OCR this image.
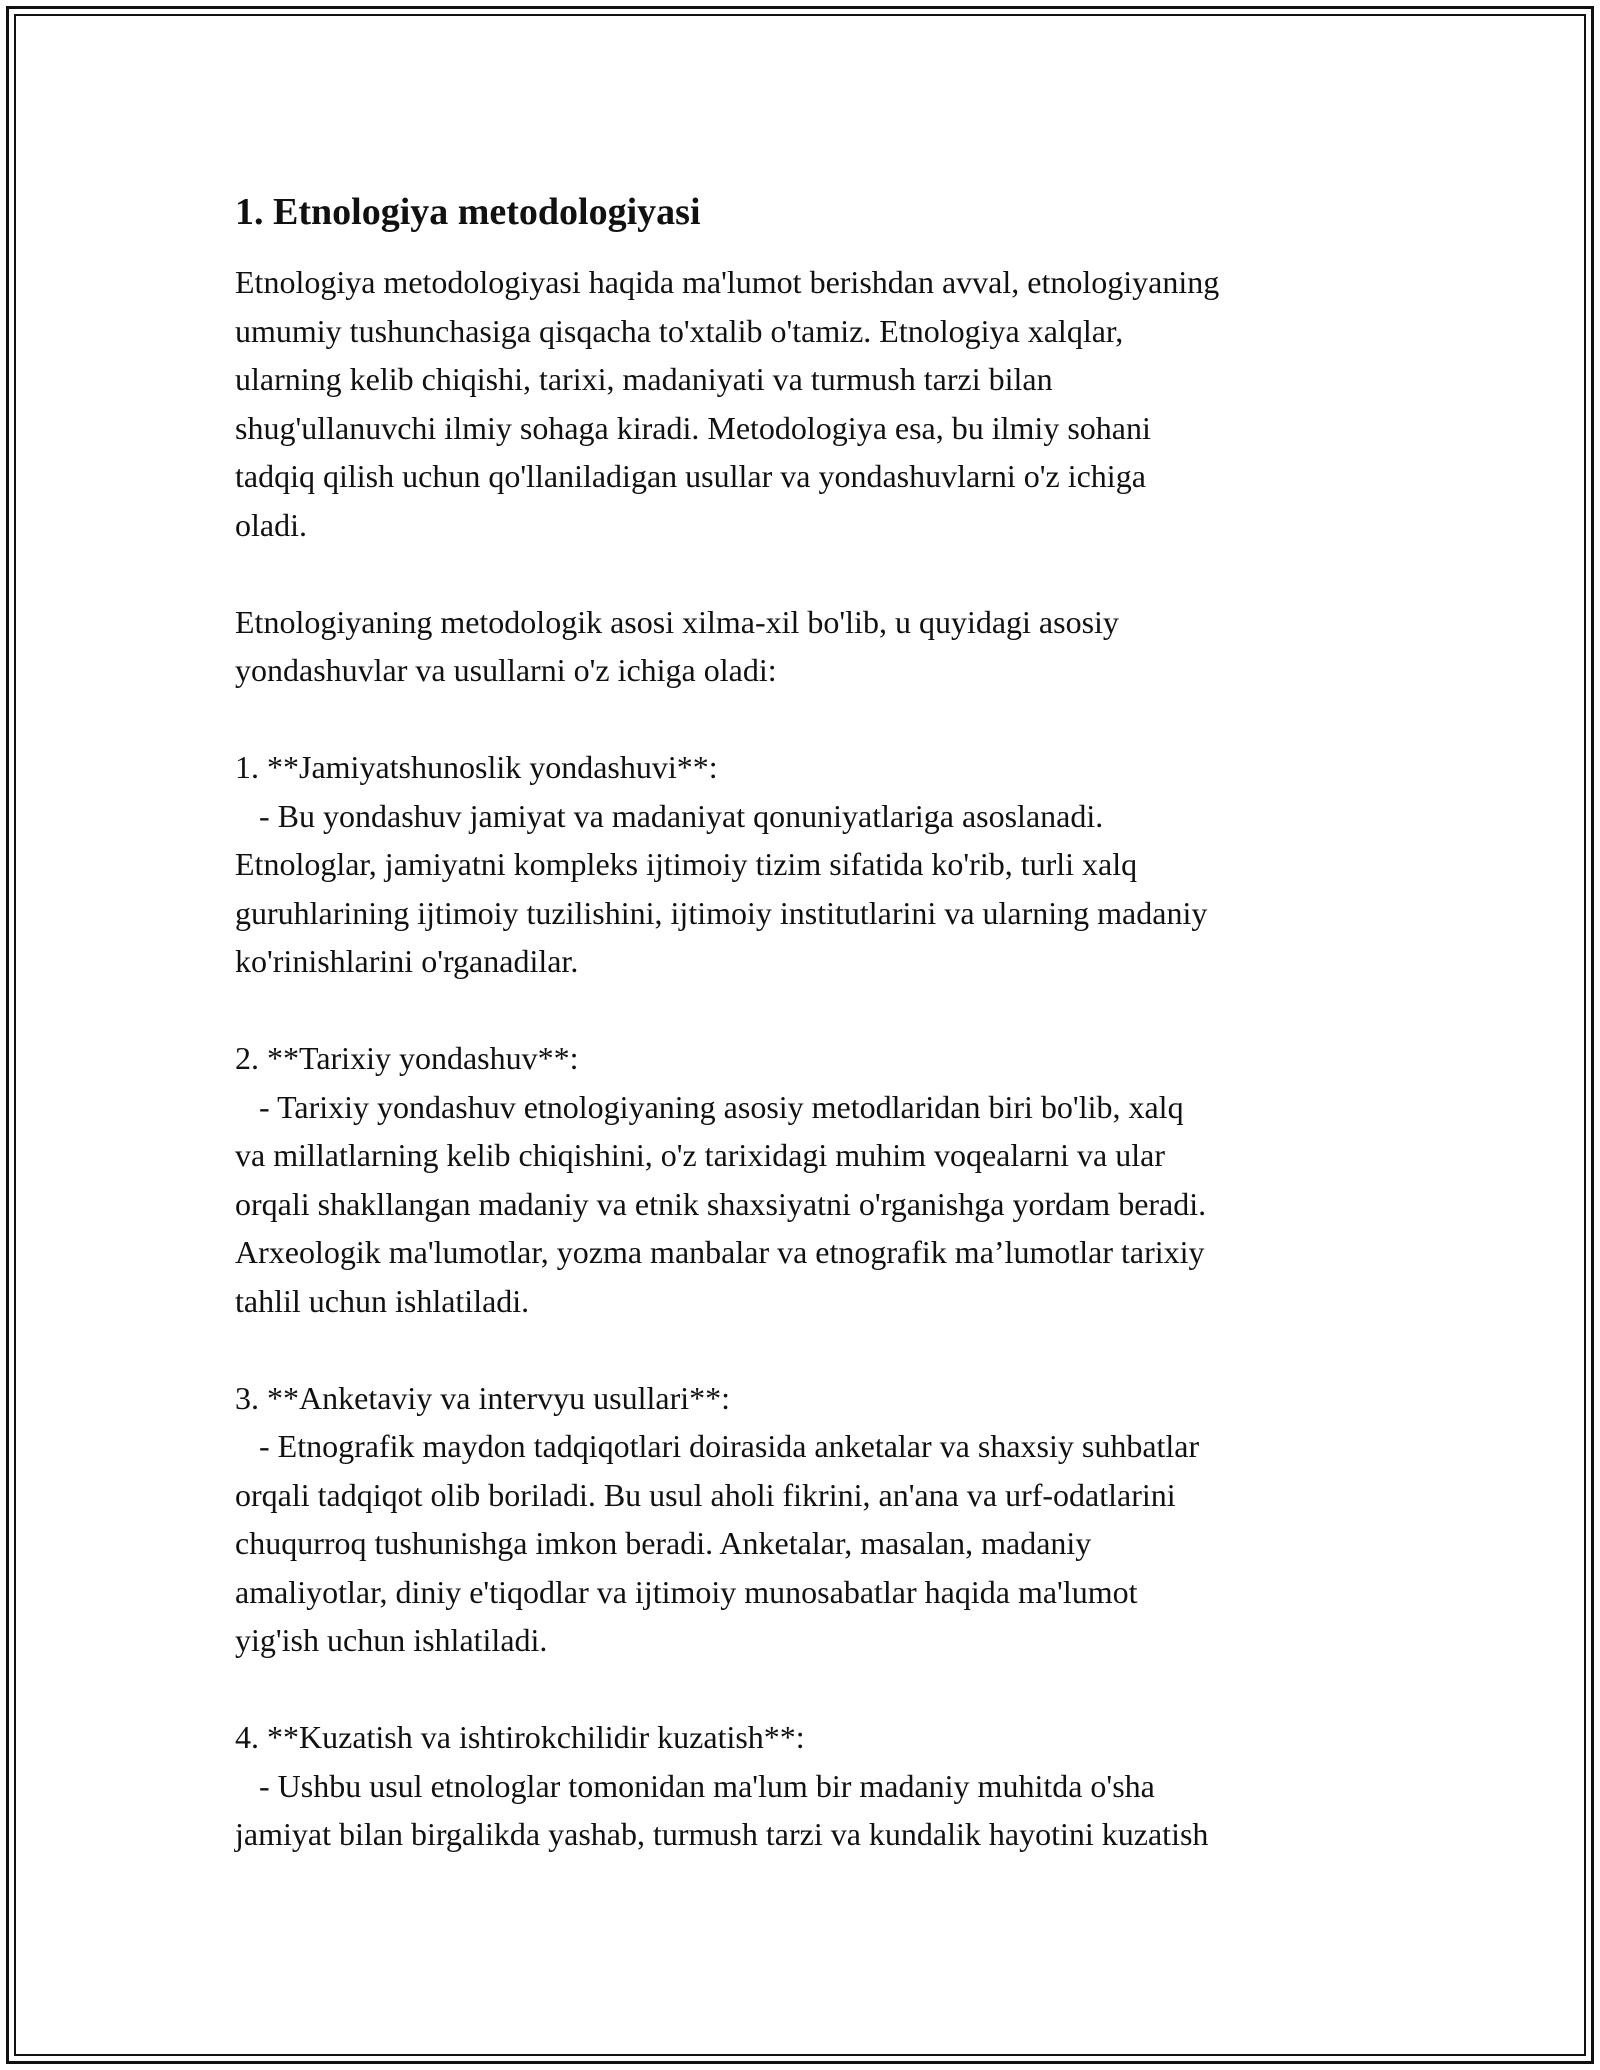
1. Etnologiya metodologiyasi

Etnologiya metodologiyasi haqida ma'lumot berishdan avval, etnologiyaning
umumiy tushunchasiga qisqacha to'xtalib o'tamiz. Etnologiya xalqlar,
ularning kelib chiqishi, tarixi, madaniyati va turmush tarzi bilan
shug'ullanuvchi ilmiy sohaga kiradi. Metodologiya esa, bu ilmiy sohani
tadqiq qilish uchun qo'llaniladigan usullar va yondashuvlarni o'z ichiga
oladi.

Etnologiyaning metodologik asosi xilma-xil bo'lib, u quyidagi asosiy
yondashuvlar va usullarni o'z ichiga oladi:

1. **Jamiyatshunoslik yondashuvi**:
- Bu yondashuv jamiyat va madaniyat qonuniyatlariga asoslanadi.
Etnologlar, jamiyatni kompleks ijtimoiy tizim sifatida ko'rib, turli xalq
guruhlarining ijtimoiy tuzilishini, ijtimoiy institutlarini va ularning madaniy
ko'rinishlarini o'rganadilar.

2. **Tarixiy yondashuv**:
- Tarixiy yondashuv etnologiyaning asosiy metodlaridan biri bo'lib, xalq
va millatlarning kelib chiqishini, o'z tarixidagi muhim voqealarni va ular
orqali shakllangan madaniy va etnik shaxsiyatni o'rganishga yordam beradi.
Arxeologik ma'lumotlar, yozma manbalar va etnografik ma’lumotlar tarixiy
tahlil uchun ishlatiladi.

3. **Anketaviy va intervyu usullari**:
- Etnografik maydon tadqiqotlari doirasida anketalar va shaxsiy suhbatlar
orqali tadqiqot olib boriladi. Bu usul aholi fikrini, an'ana va urf-odatlarini
chuqurroq tushunishga imkon beradi. Anketalar, masalan, madaniy
amaliyotlar, diniy e'tiqodlar va ijtimoiy munosabatlar haqida ma'lumot
yig'ish uchun ishlatiladi.

4. **Kuzatish va ishtirokchilidir kuzatish**:
- Ushbu usul etnologlar tomonidan ma'lum bir madaniy muhitda o'sha
jamiyat bilan birgalikda yashab, turmush tarzi va kundalik hayotini kuzatish
